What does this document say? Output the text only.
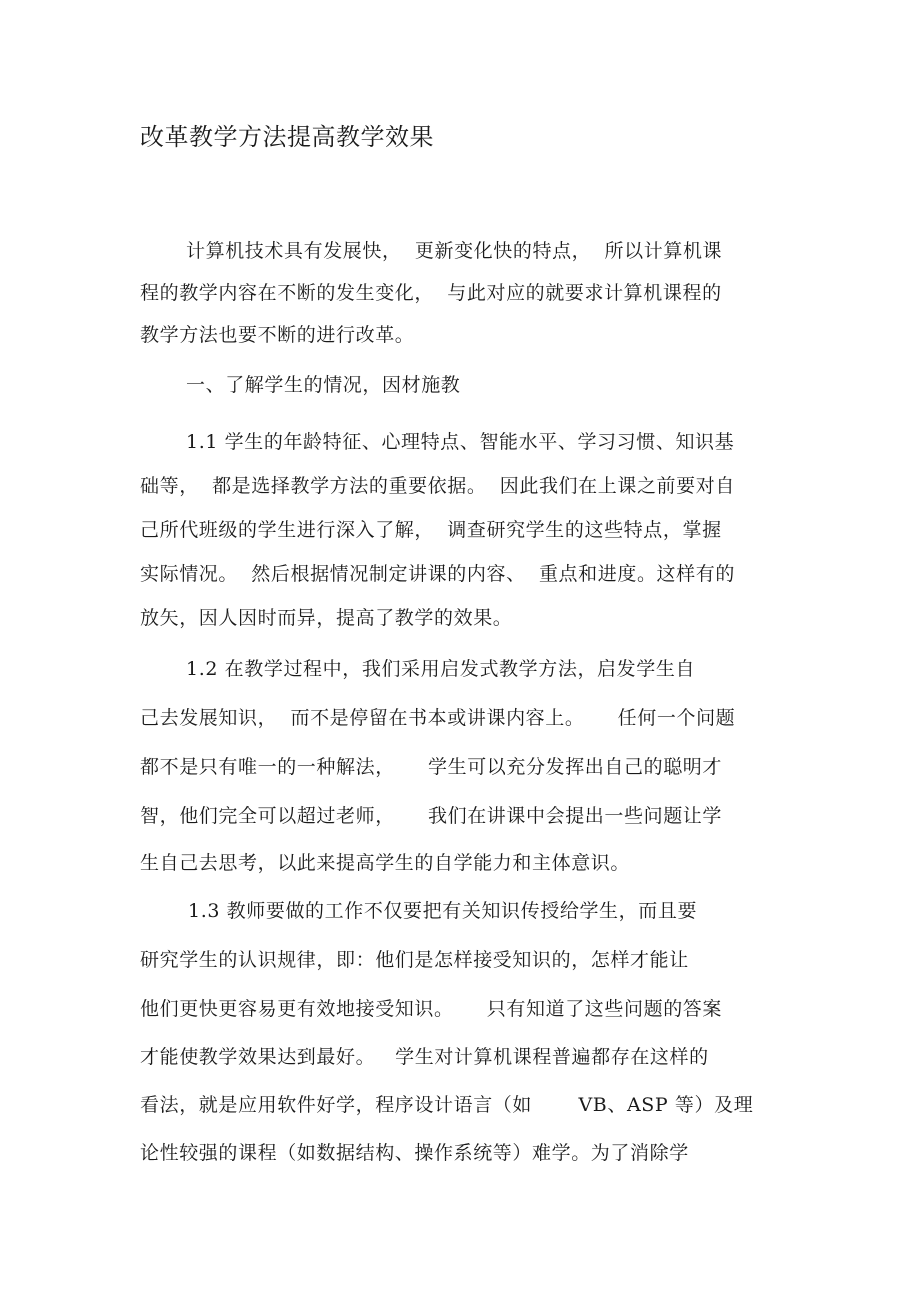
改革教学方法提高教学效果
计算机技术具有发展快，  更新变化快的特点，  所以计算机课
程的教学内容在不断的发生变化，  与此对应的就要求计算机课程的
教学方法也要不断的进行改革。
一、了解学生的情况，因材施教
1.1 学生的年龄特征、心理特点、智能水平、学习习惯、知识基
础等，  都是选择教学方法的重要依据。  因此我们在上课之前要对自
己所代班级的学生进行深入了解，  调查研究学生的这些特点，掌握
实际情况。  然后根据情况制定讲课的内容、  重点和进度。这样有的
放矢，因人因时而异，提高了教学的效果。
1.2 在教学过程中，我们采用启发式教学方法，启发学生自
己去发展知识，  而不是停留在书本或讲课内容上。     任何一个问题
都不是只有唯一的一种解法，     学生可以充分发挥出自己的聪明才
智，他们完全可以超过老师，     我们在讲课中会提出一些问题让学
生自己去思考，以此来提高学生的自学能力和主体意识。
1.3 教师要做的工作不仅要把有关知识传授给学生，而且要
研究学生的认识规律，即：他们是怎样接受知识的，怎样才能让
他们更快更容易更有效地接受知识。     只有知道了这些问题的答案
才能使教学效果达到最好。   学生对计算机课程普遍都存在这样的
看法，就是应用软件好学，程序设计语言（如       VB、ASP 等）及理
论性较强的课程（如数据结构、操作系统等）难学。为了消除学
